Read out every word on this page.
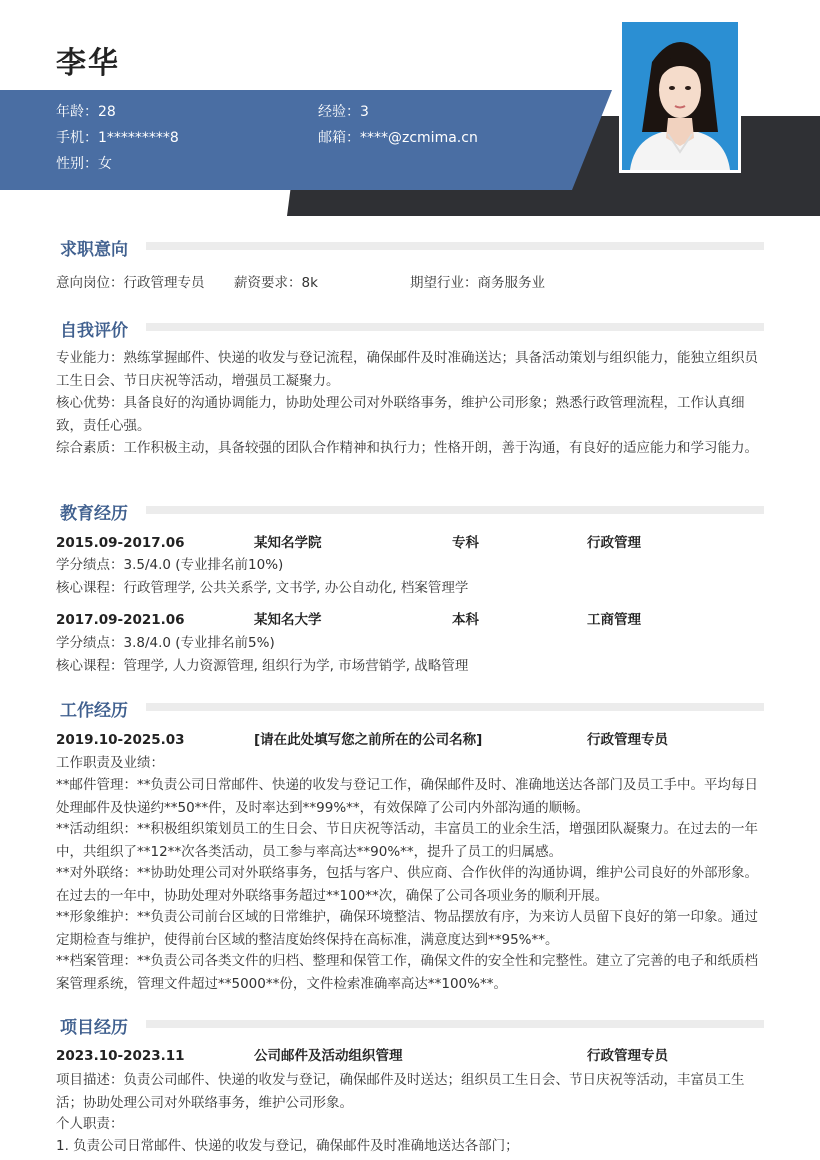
李华
年龄：28	经验：3
手机：1*********8	邮箱：****@zcmima.cn
性别：女
求职意向
意向岗位：行政管理专员 薪资要求：8k	期望行业：商务服务业
自我评价
专业能力：熟练掌握邮件、快递的收发与登记流程，确保邮件及时准确送达；具备活动策划与组织能力，能独立组织员工生日会、节日庆祝等活动，增强员工凝聚力。
核心优势：具备良好的沟通协调能力，协助处理公司对外联络事务，维护公司形象；熟悉行政管理流程，工作认真细致，责任心强。
综合素质：工作积极主动，具备较强的团队合作精神和执行力；性格开朗，善于沟通，有良好的适应能力和学习能力。
教育经历
2015.09-2017.06	某知名学院	专科	行政管理
学分绩点：3.5/4.0 (专业排名前10%)
核心课程：行政管理学, 公共关系学, 文书学, 办公自动化, 档案管理学
2017.09-2021.06	某知名大学	本科	工商管理
学分绩点：3.8/4.0 (专业排名前5%)
核心课程：管理学, 人力资源管理, 组织行为学, 市场营销学, 战略管理
工作经历
2019.10-2025.03	[请在此处填写您之前所在的公司名称]	行政管理专员
工作职责及业绩：
**邮件管理：**负责公司日常邮件、快递的收发与登记工作，确保邮件及时、准确地送达各部门及员工手中。平均每日处理邮件及快递约**50**件，及时率达到**99%**，有效保障了公司内外部沟通的顺畅。
**活动组织：**积极组织策划员工的生日会、节日庆祝等活动，丰富员工的业余生活，增强团队凝聚力。在过去的一年中，共组织了**12**次各类活动，员工参与率高达**90%**，提升了员工的归属感。
**对外联络：**协助处理公司对外联络事务，包括与客户、供应商、合作伙伴的沟通协调，维护公司良好的外部形象。在过去的一年中，协助处理对外联络事务超过**100**次，确保了公司各项业务的顺利开展。
**形象维护：**负责公司前台区域的日常维护，确保环境整洁、物品摆放有序，为来访人员留下良好的第一印象。通过定期检查与维护，使得前台区域的整洁度始终保持在高标准，满意度达到**95%**。
**档案管理：**负责公司各类文件的归档、整理和保管工作，确保文件的安全性和完整性。建立了完善的电子和纸质档案管理系统，管理文件超过**5000**份，文件检索准确率高达**100%**。
项目经历
2023.10-2023.11	公司邮件及活动组织管理	行政管理专员
项目描述：负责公司邮件、快递的收发与登记，确保邮件及时送达；组织员工生日会、节日庆祝等活动，丰富员工生活；协助处理公司对外联络事务，维护公司形象。
个人职责：
1. 负责公司日常邮件、快递的收发与登记，确保邮件及时准确地送达各部门；
